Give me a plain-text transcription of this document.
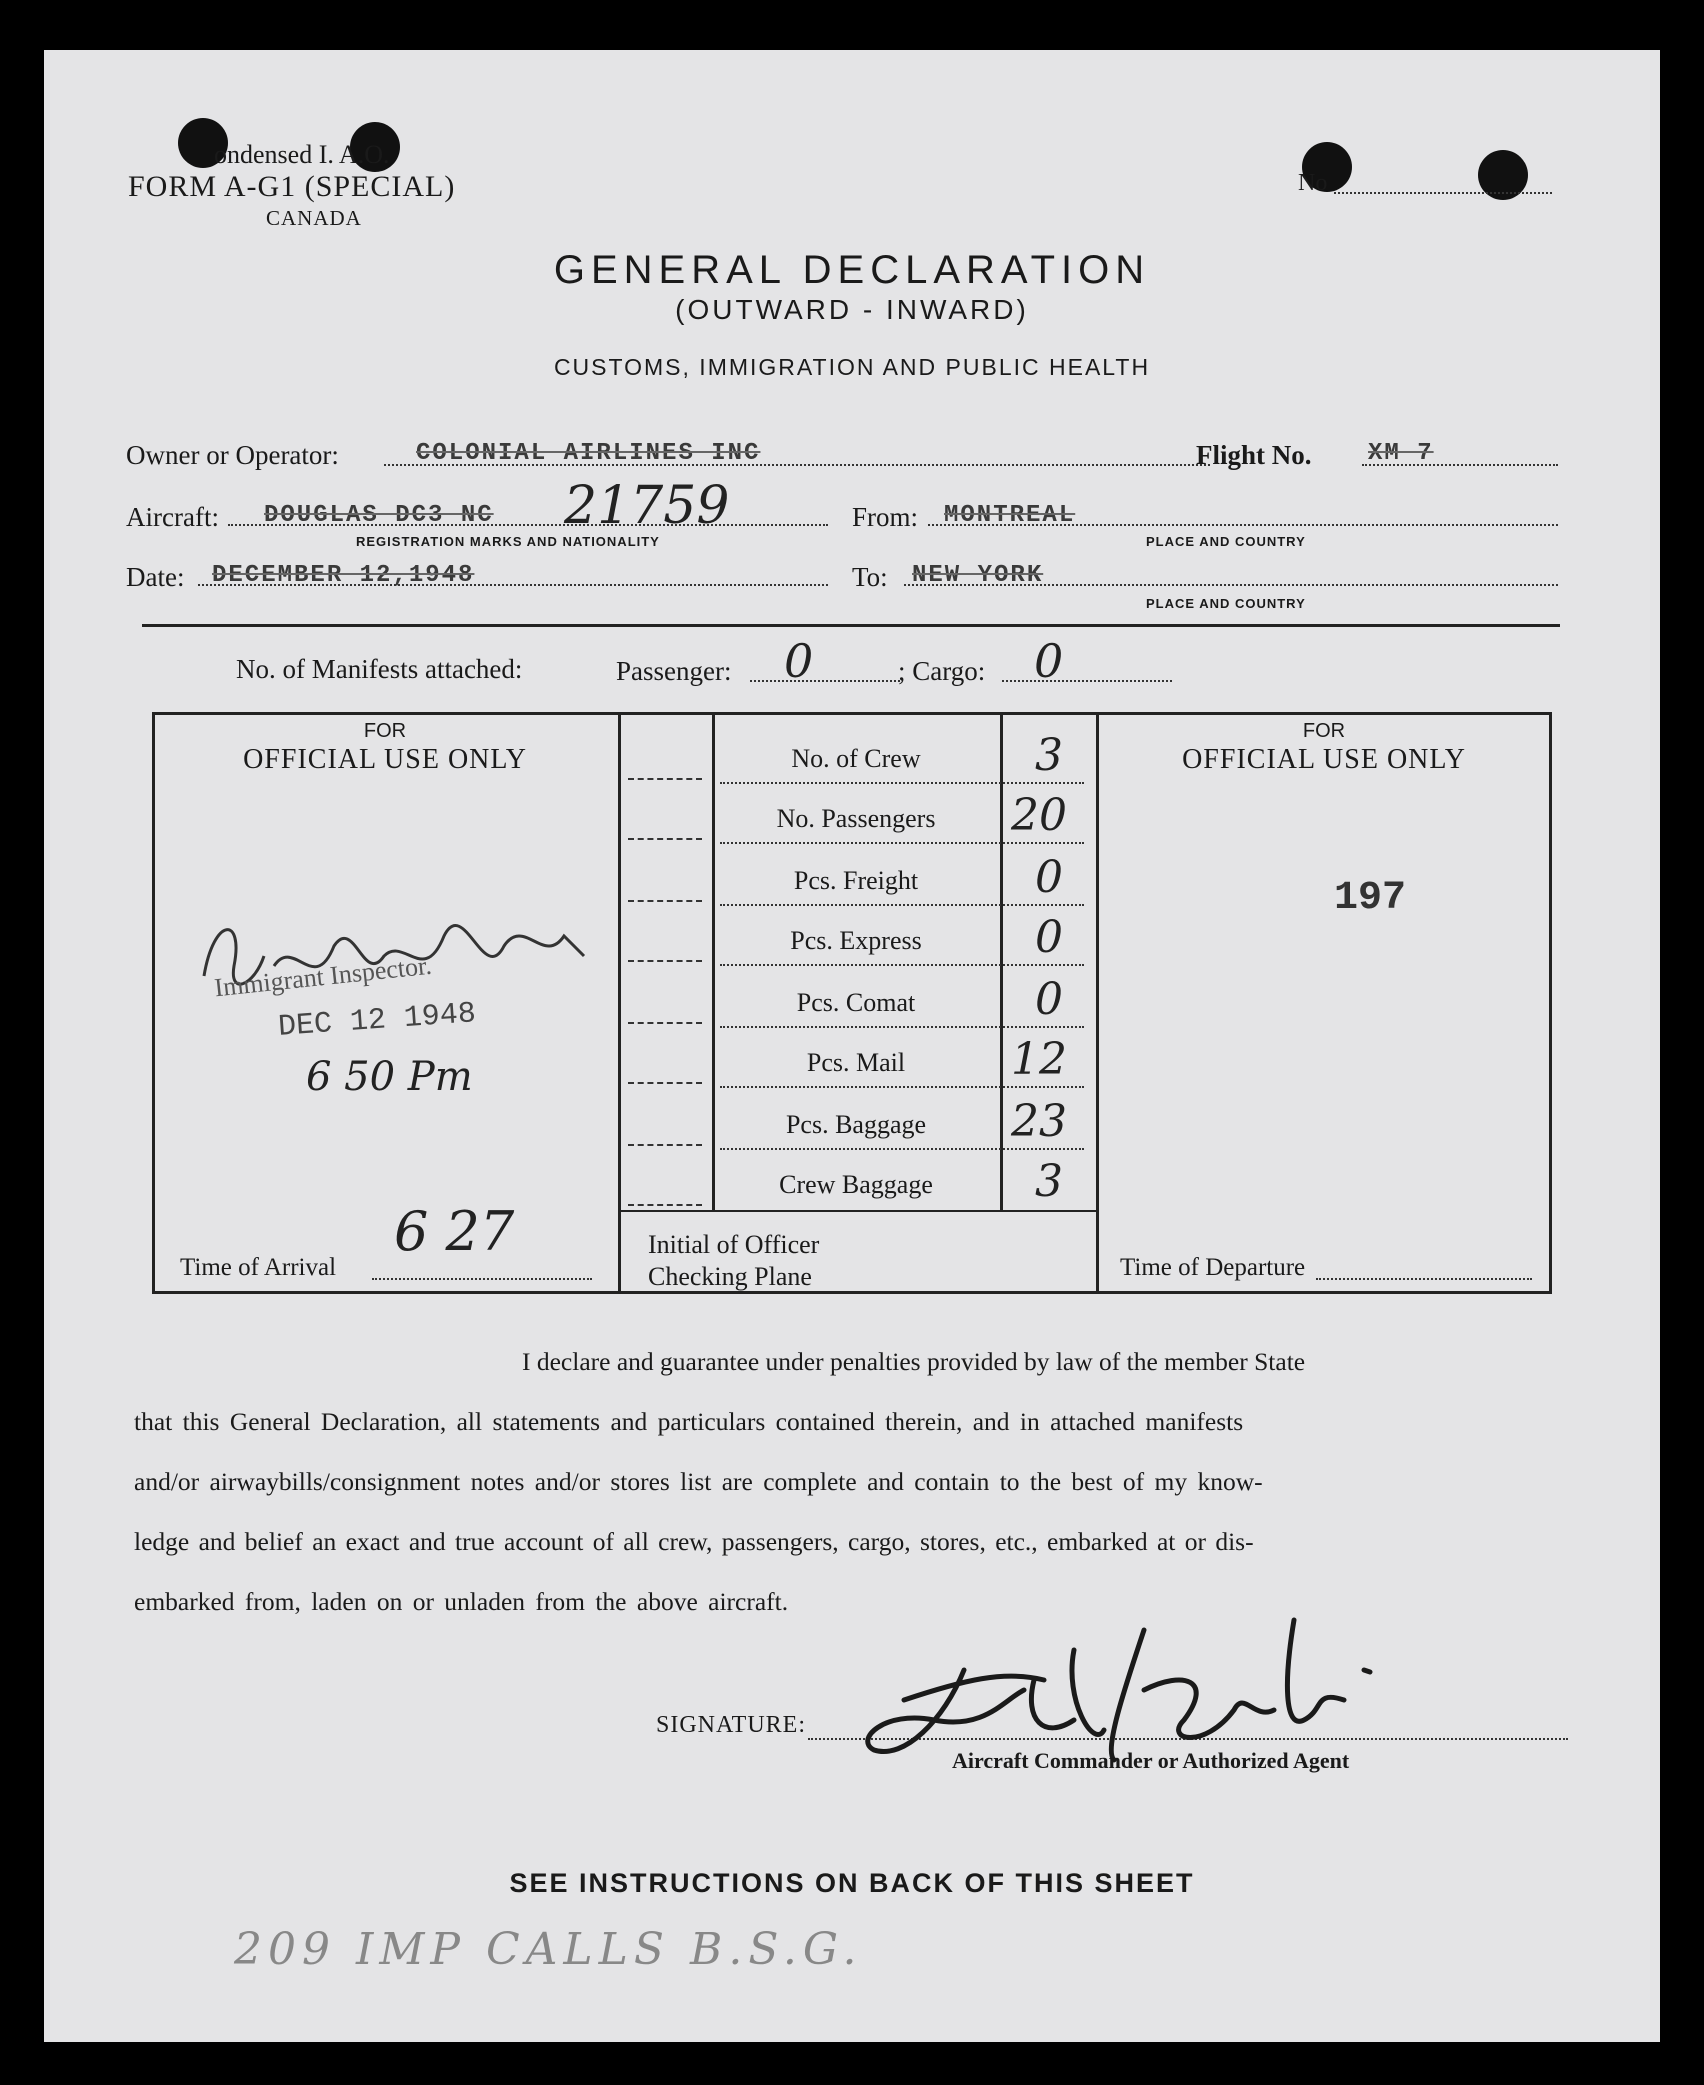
ondensed I. A.O.
FORM A-G1 (SPECIAL)
CANADA
No
GENERAL DECLARATION
(OUTWARD - INWARD)
CUSTOMS, IMMIGRATION AND PUBLIC HEALTH
Owner or Operator:	COLONIAL AIRLINES INC	Flight No. XM 7
Aircraft: DOUGLAS DC3 NC 21759
REGISTRATION MARKS AND NATIONALITY
From: MONTREAL
PLACE AND COUNTRY
Date: DECEMBER 12,1948	To: NEW YORK
PLACE AND COUNTRY
No. of Manifests attached:	Passenger: 0	; Cargo: 0
FOR
OFFICIAL USE ONLY
Immigrant Inspector.
DEC 12 1948
6 50 Pm
Time of Arrival
6 27
No. of Crew	3
No. Passengers	20
Pcs. Freight	0
Pcs. Express	0
Pcs. Comat	0
Pcs. Mail	12
Pcs. Baggage	23
Crew Baggage	3
Initial of Officer
Checking Plane
FOR
OFFICIAL USE ONLY
197
Time of Departure
I declare and guarantee under penalties provided by law of the member State
that this General Declaration, all statements and particulars contained therein, and in attached manifests
and/or airwaybills/consignment notes and/or stores list are complete and contain to the best of my know-
ledge and belief an exact and true account of all crew, passengers, cargo, stores, etc., embarked at or dis-
embarked from, laden on or unladen from the above aircraft.
SIGNATURE:
Aircraft Commander or Authorized Agent
SEE INSTRUCTIONS ON BACK OF THIS SHEET
209 IMP CALLS B.S.G.
